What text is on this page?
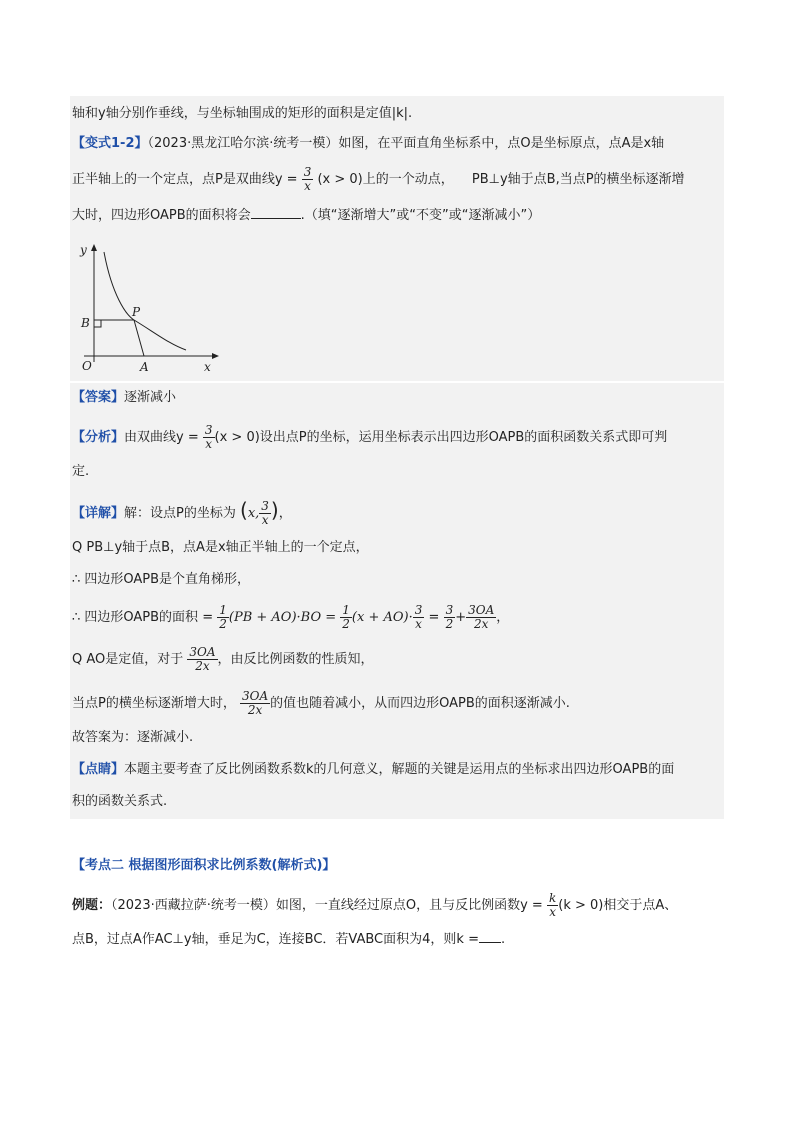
轴和y轴分别作垂线，与坐标轴围成的矩形的面积是定值|k|.
【变式1-2】（2023·黑龙江哈尔滨·统考一模）如图，在平面直角坐标系中，点O是坐标原点，点A是x轴
正半轴上的一个定点，点P是双曲线$y = \frac{3}{x} (x > 0)$上的一个动点， PB⊥y轴于点B,当点P的横坐标逐渐增
大时，四边形OAPB的面积将会	.（填“逐渐增大”或“不变”或“逐渐减小”）
y
x
O	A
B
P
【答案】逐渐减小
【分析】由双曲线$y = \frac{3}{x} (x > 0)$设出点P的坐标，运用坐标表示出四边形OAPB的面积函数关系式即可判
定.
【详解】解：设点P的坐标为 (x, $\frac{3}{x}$ )，
Q PB⊥y轴于点B，点A是x轴正半轴上的一个定点，
∴ 四边形OAPB是个直角梯形，
∴ 四边形OAPB的面积 = $\frac{1}{2} (PB + AO)\cdot BO = \frac{1}{2} (x + AO)\cdot \frac{3}{x} = \frac{3}{2} + \frac{3OA}{2x}$ ，
Q AO是定值，对于 $\frac{3OA}{2x}$ ，由反比例函数的性质知，
当点P的横坐标逐渐增大时， $\frac{3OA}{2x}$ 的值也随着减小，从而四边形OAPB的面积逐渐减小.
故答案为：逐渐减小.
【点睛】本题主要考查了反比例函数系数k的几何意义，解题的关键是运用点的坐标求出四边形OAPB的面
积的函数关系式.
【考点二 根据图形面积求比例系数(解析式)】
例题：（2023·西藏拉萨·统考一模）如图，一直线经过原点O，且与反比例函数$y = \frac{k}{x} (k > 0)$相交于点A、
点B，过点A作AC⊥y轴，垂足为C，连接BC．若VABC面积为4，则k = .
